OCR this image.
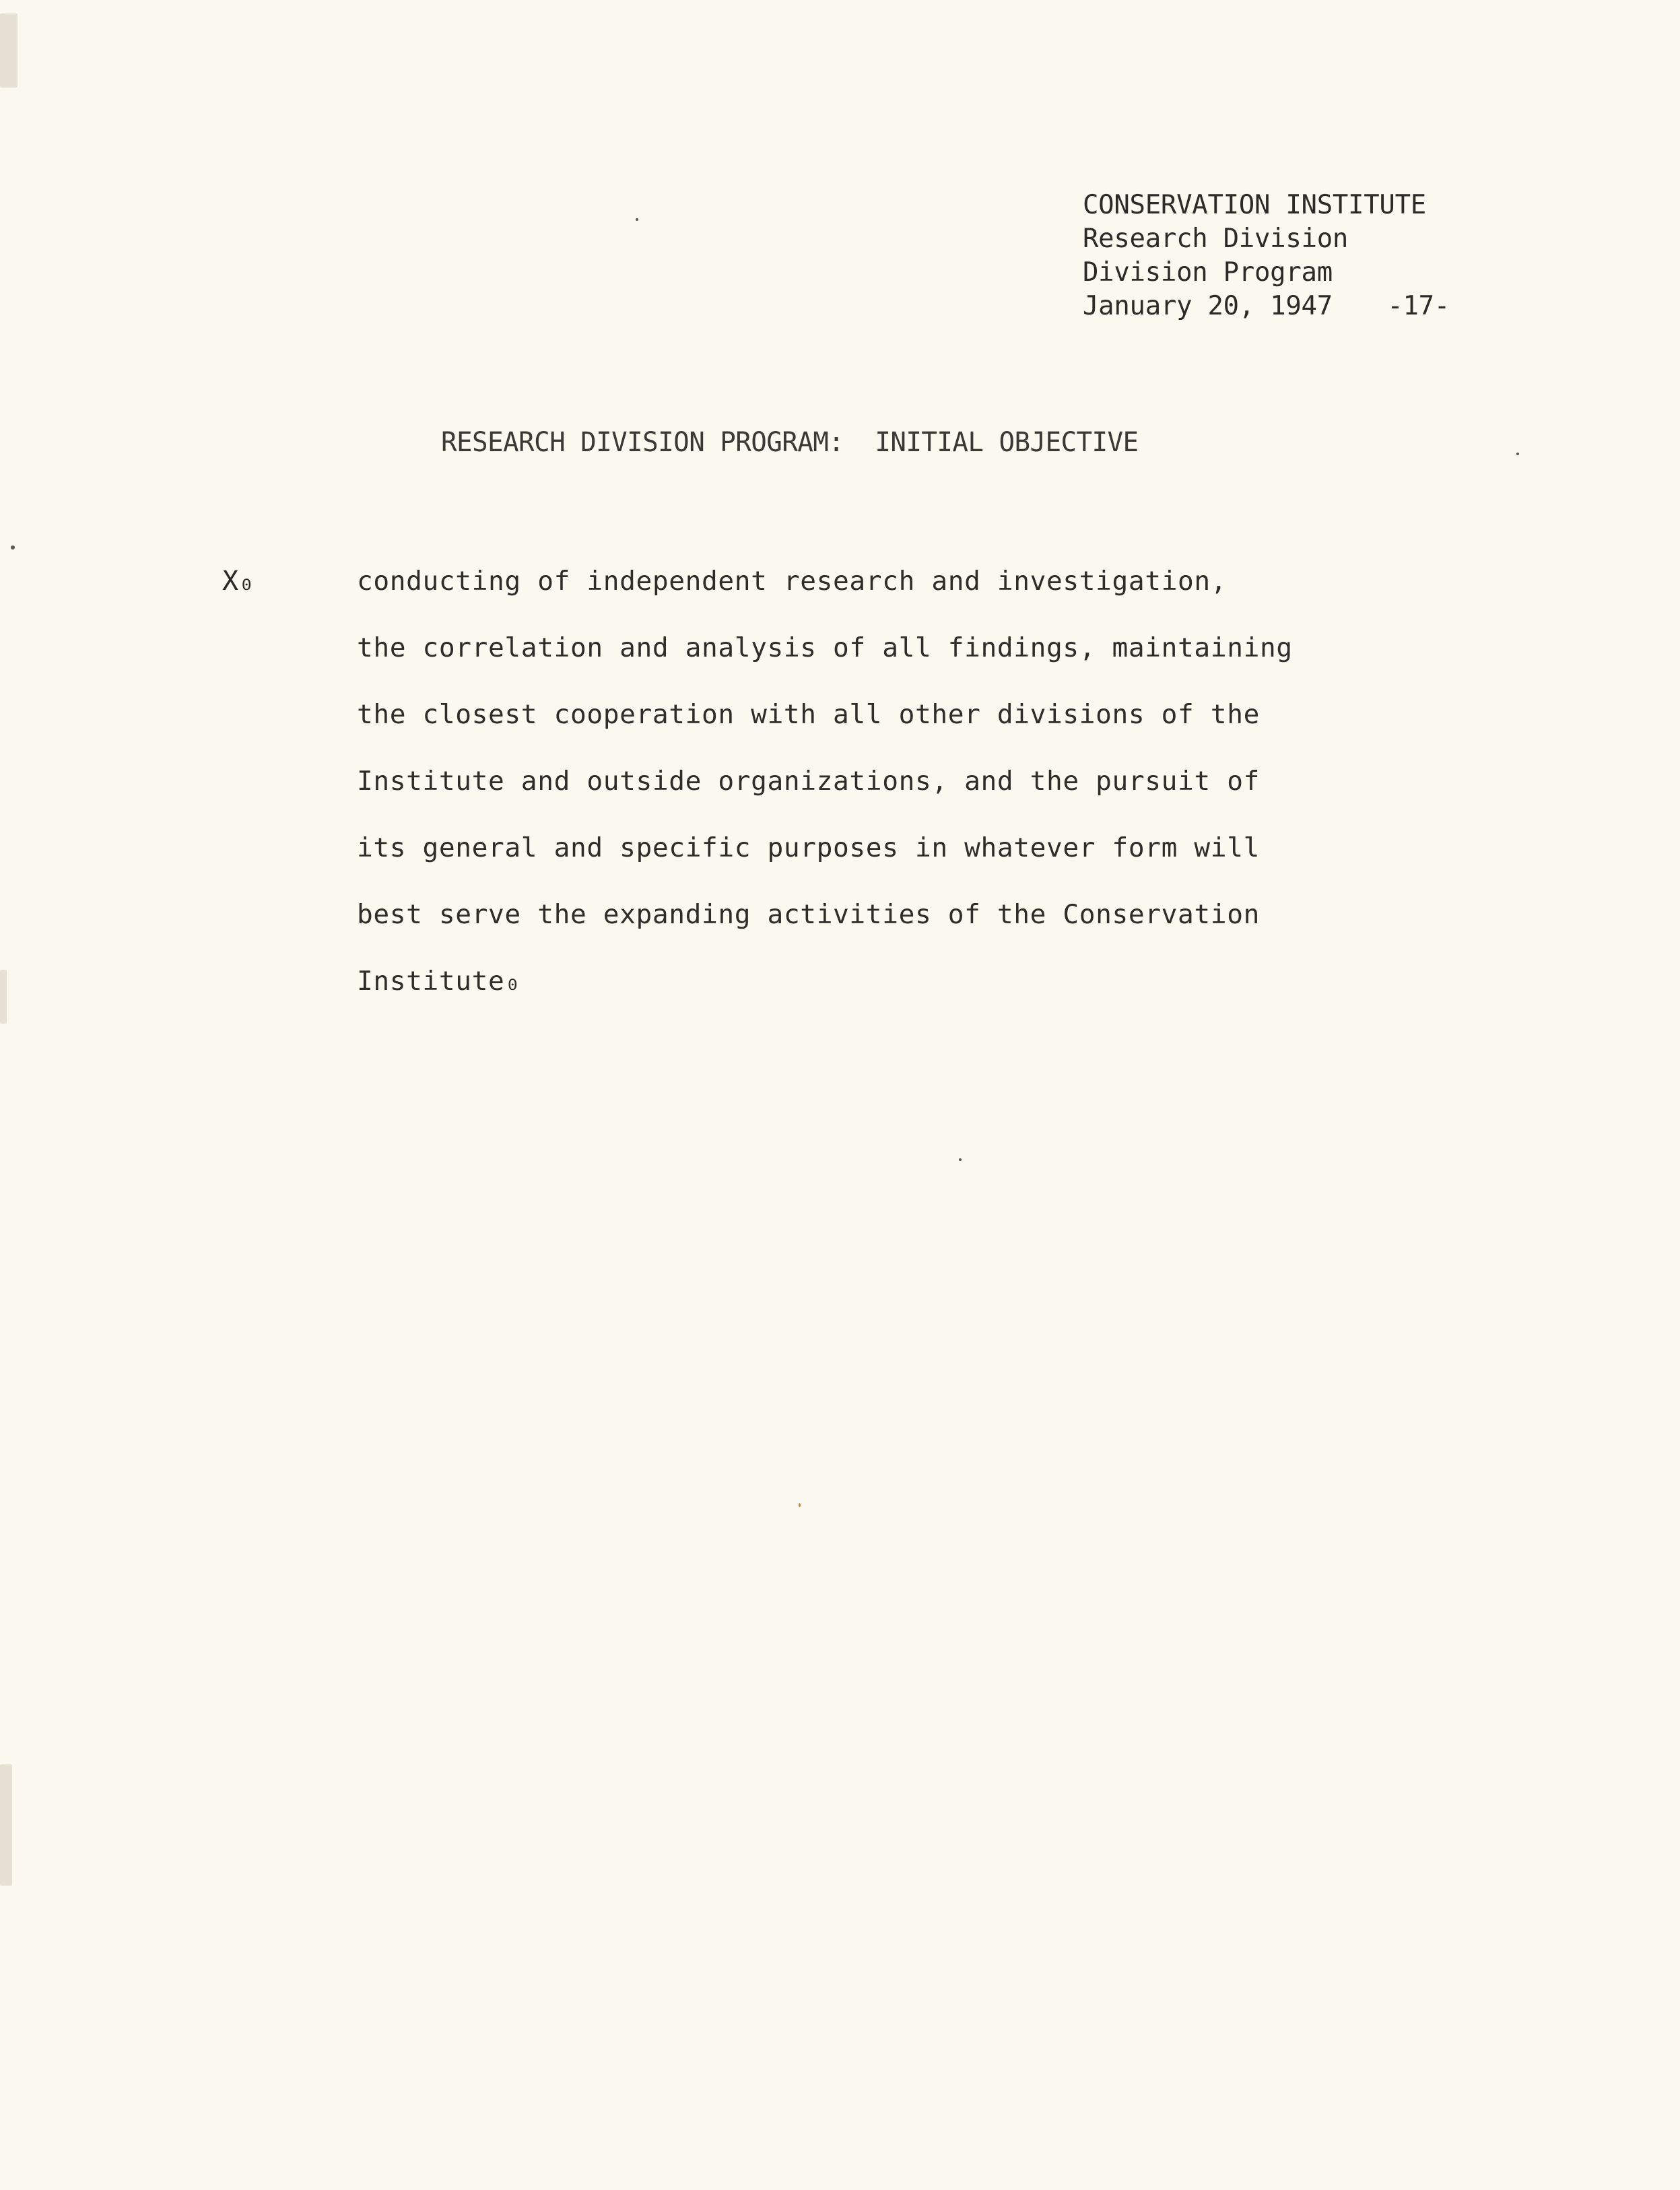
CONSERVATION INSTITUTE
Research Division
Division Program
January 20, 1947 -17-
RESEARCH DIVISION PROGRAM:  INITIAL OBJECTIVE
X₀	conducting of independent research and investigation,
the correlation and analysis of all findings, maintaining
the closest cooperation with all other divisions of the
Institute and outside organizations, and the pursuit of
its general and specific purposes in whatever form will
best serve the expanding activities of the Conservation
Institute₀
